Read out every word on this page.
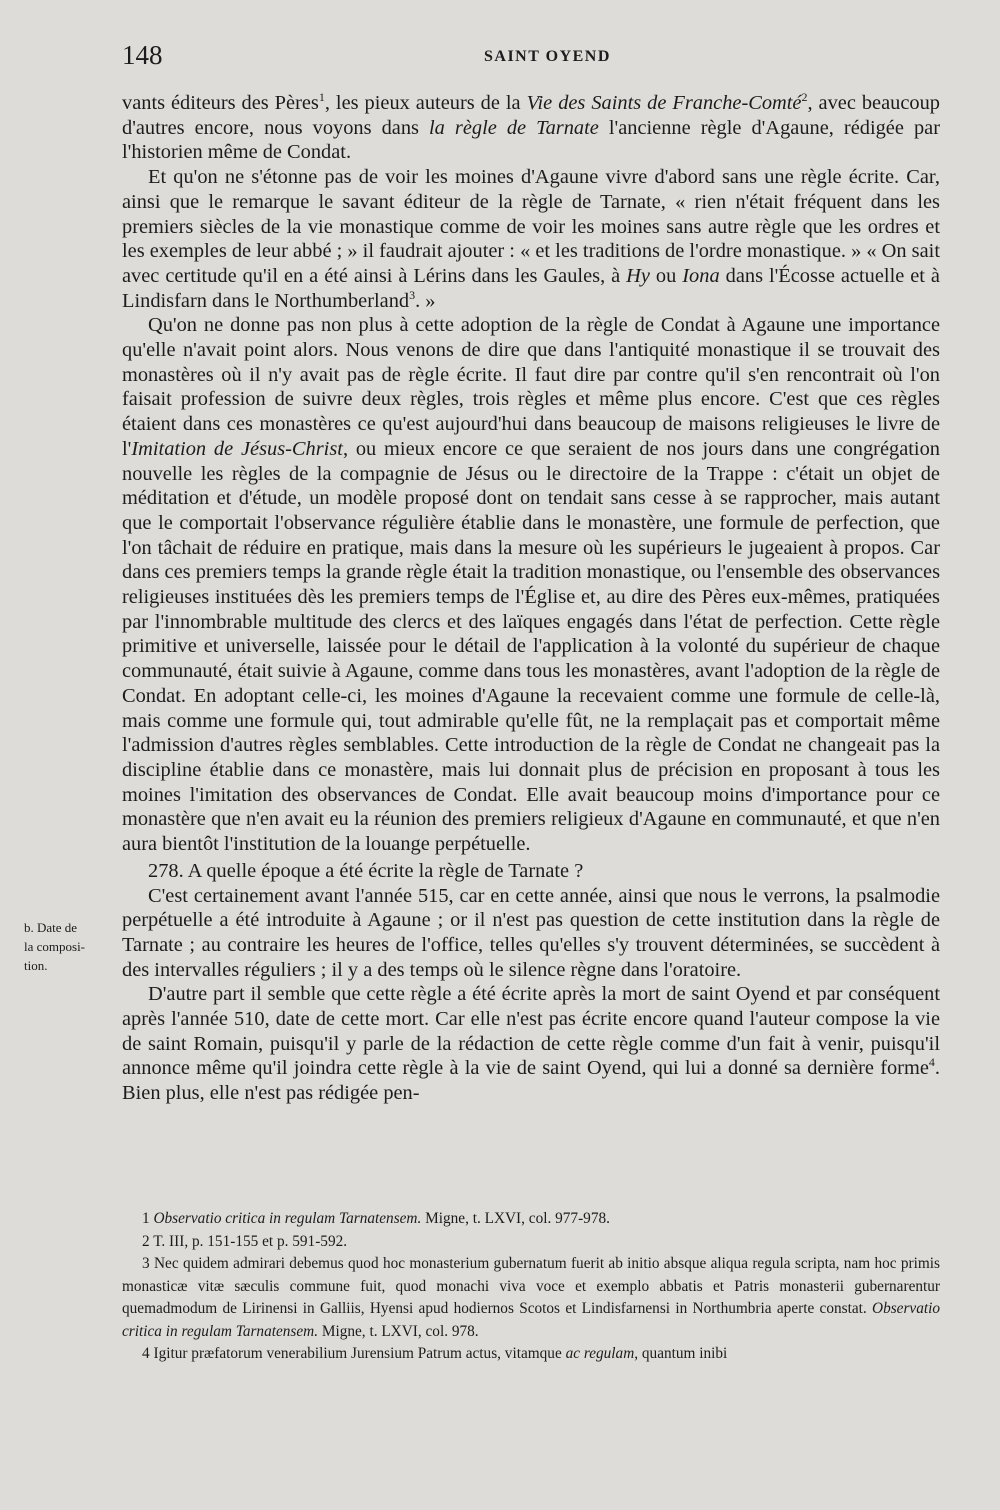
148	SAINT OYEND
b. Date de
la composi-
tion.

vants éditeurs des Pères$^1$, les pieux auteurs de la Vie des Saints de Franche-Comté$^2$, avec beaucoup d'autres encore, nous voyons dans la règle de Tarnate l'ancienne règle d'Agaune, rédigée par l'historien même de Condat.

Et qu'on ne s'étonne pas de voir les moines d'Agaune vivre d'abord sans une règle écrite. Car, ainsi que le remarque le savant éditeur de la règle de Tarnate, « rien n'était fréquent dans les premiers siècles de la vie monastique comme de voir les moines sans autre règle que les ordres et les exemples de leur abbé ; » il faudrait ajouter : « et les traditions de l'ordre monastique. » « On sait avec certitude qu'il en a été ainsi à Lérins dans les Gaules, à Hy ou Iona dans l'Écosse actuelle et à Lindisfarn dans le Northumberland$^3$. »

Qu'on ne donne pas non plus à cette adoption de la règle de Condat à Agaune une importance qu'elle n'avait point alors. Nous venons de dire que dans l'antiquité monastique il se trouvait des monastères où il n'y avait pas de règle écrite. Il faut dire par contre qu'il s'en rencontrait où l'on faisait profession de suivre deux règles, trois règles et même plus encore. C'est que ces règles étaient dans ces monastères ce qu'est aujourd'hui dans beaucoup de maisons religieuses le livre de l'Imitation de Jésus-Christ, ou mieux encore ce que seraient de nos jours dans une congrégation nouvelle les règles de la compagnie de Jésus ou le directoire de la Trappe : c'était un objet de méditation et d'étude, un modèle proposé dont on tendait sans cesse à se rapprocher, mais autant que le comportait l'observance régulière établie dans le monastère, une formule de perfection, que l'on tâchait de réduire en pratique, mais dans la mesure où les supérieurs le jugeaient à propos. Car dans ces premiers temps la grande règle était la tradition monastique, ou l'ensemble des observances religieuses instituées dès les premiers temps de l'Église et, au dire des Pères eux-mêmes, pratiquées par l'innombrable multitude des clercs et des laïques engagés dans l'état de perfection. Cette règle primitive et universelle, laissée pour le détail de l'application à la volonté du supérieur de chaque communauté, était suivie à Agaune, comme dans tous les monastères, avant l'adoption de la règle de Condat. En adoptant celle-ci, les moines d'Agaune la recevaient comme une formule de celle-là, mais comme une formule qui, tout admirable qu'elle fût, ne la remplaçait pas et comportait même l'admission d'autres règles semblables. Cette introduction de la règle de Condat ne changeait pas la discipline établie dans ce monastère, mais lui donnait plus de précision en proposant à tous les moines l'imitation des observances de Condat. Elle avait beaucoup moins d'importance pour ce monastère que n'en avait eu la réunion des premiers religieux d'Agaune en communauté, et que n'en aura bientôt l'institution de la louange perpétuelle.

278. A quelle époque a été écrite la règle de Tarnate ?

C'est certainement avant l'année 515, car en cette année, ainsi que nous le verrons, la psalmodie perpétuelle a été introduite à Agaune ; or il n'est pas question de cette institution dans la règle de Tarnate ; au contraire les heures de l'office, telles qu'elles s'y trouvent déterminées, se succèdent à des intervalles réguliers ; il y a des temps où le silence règne dans l'oratoire.

D'autre part il semble que cette règle a été écrite après la mort de saint Oyend et par conséquent après l'année 510, date de cette mort. Car elle n'est pas écrite encore quand l'auteur compose la vie de saint Romain, puisqu'il y parle de la rédaction de cette règle comme d'un fait à venir, puisqu'il annonce même qu'il joindra cette règle à la vie de saint Oyend, qui lui a donné sa dernière forme$^4$. Bien plus, elle n'est pas rédigée pen-

1 Observatio critica in regulam Tarnatensem. Migne, t. LXVI, col. 977-978.

2 T. III, p. 151-155 et p. 591-592.

3 Nec quidem admirari debemus quod hoc monasterium gubernatum fuerit ab initio absque aliqua regula scripta, nam hoc primis monasticæ vitæ sæculis commune fuit, quod monachi viva voce et exemplo abbatis et Patris monasterii gubernarentur quemadmodum de Lirinensi in Galliis, Hyensi apud hodiernos Scotos et Lindisfarnensi in Northumbria aperte constat. Observatio critica in regulam Tarnatensem. Migne, t. LXVI, col. 978.

4 Igitur præfatorum venerabilium Jurensium Patrum actus, vitamque ac regulam, quantum inibi
